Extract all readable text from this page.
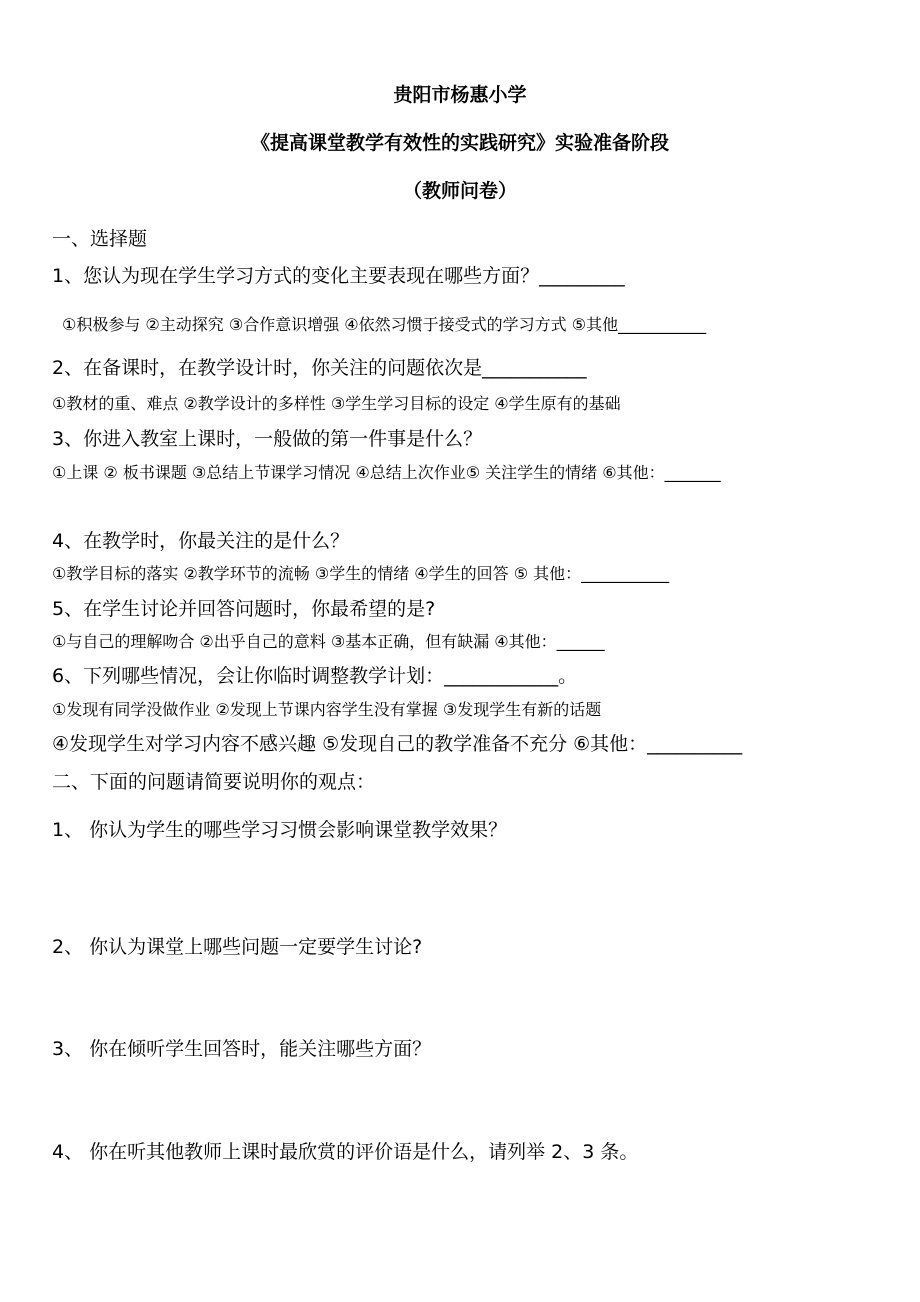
贵阳市杨惠小学
《提高课堂教学有效性的实践研究》实验准备阶段
（教师问卷）
一、选择题
1、您认为现在学生学习方式的变化主要表现在哪些方面？_________
①积极参与 ②主动探究 ③合作意识增强 ④依然习惯于接受式的学习方式 ⑤其他___________
2、在备课时，在教学设计时，你关注的问题依次是___________
①教材的重、难点 ②教学设计的多样性 ③学生学习目标的设定 ④学生原有的基础
3、你进入教室上课时，一般做的第一件事是什么？
①上课 ② 板书课题 ③总结上节课学习情况 ④总结上次作业⑤ 关注学生的情绪 ⑥其他：_______
4、在教学时，你最关注的是什么？
①教学目标的落实 ②教学环节的流畅 ③学生的情绪 ④学生的回答 ⑤ 其他：___________
5、在学生讨论并回答问题时，你最希望的是?
①与自己的理解吻合 ②出乎自己的意料 ③基本正确，但有缺漏 ④其他：______
6、下列哪些情况，会让你临时调整教学计划：____________。
①发现有同学没做作业 ②发现上节课内容学生没有掌握 ③发现学生有新的话题
④发现学生对学习内容不感兴趣 ⑤发现自己的教学准备不充分 ⑥其他：__________
二、下面的问题请简要说明你的观点：
1、 你认为学生的哪些学习习惯会影响课堂教学效果？
2、 你认为课堂上哪些问题一定要学生讨论?
3、 你在倾听学生回答时，能关注哪些方面？
4、 你在听其他教师上课时最欣赏的评价语是什么，请列举 2、3 条。
